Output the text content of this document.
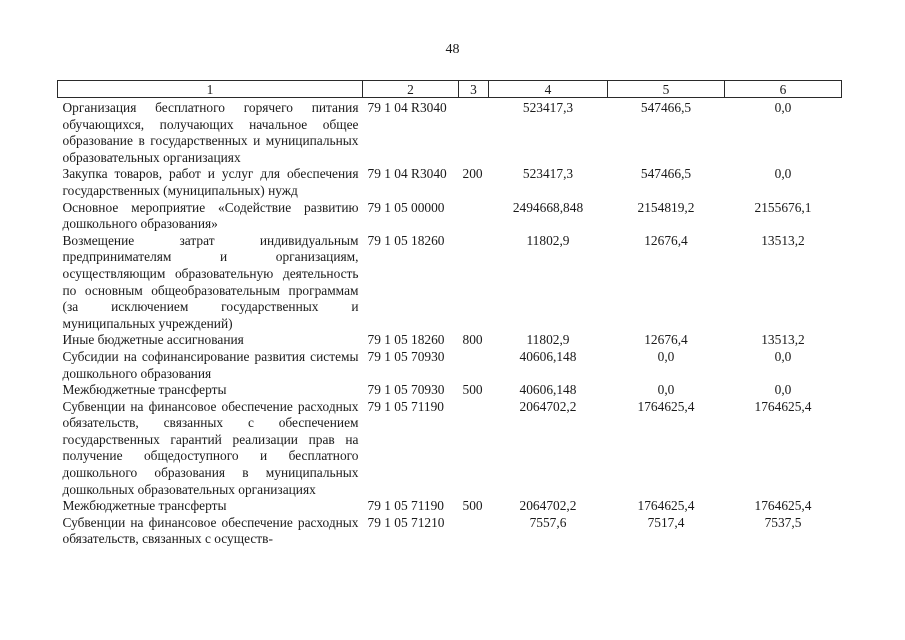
48
1	2	3	4	5	6

Организация бесплатного горячего питания обучающихся, получающих начальное общее образование в государственных и муниципальных образовательных организациях	79 1 04 R3040		523417,3	547466,5	0,0
Закупка товаров, работ и услуг для обеспечения государственных (муниципальных) нужд	79 1 04 R3040	200	523417,3	547466,5	0,0
Основное мероприятие «Содействие развитию дошкольного образования»	79 1 05 00000		2494668,848	2154819,2	2155676,1
Возмещение затрат индивидуальным предпринимателям и организациям, осуществляющим образовательную деятельность по основным общеобразовательным программам (за исключением государственных и муниципальных учреждений)	79 1 05 18260		11802,9	12676,4	13513,2
Иные бюджетные ассигнования	79 1 05 18260	800	11802,9	12676,4	13513,2
Субсидии на софинансирование развития системы дошкольного образования	79 1 05 70930		40606,148	0,0	0,0
Межбюджетные трансферты	79 1 05 70930	500	40606,148	0,0	0,0
Субвенции на финансовое обеспечение расходных обязательств, связанных с обеспечением государственных гарантий реализации прав на получение общедоступного и бесплатного дошкольного образования в муниципальных дошкольных образовательных организациях	79 1 05 71190		2064702,2	1764625,4	1764625,4
Межбюджетные трансферты	79 1 05 71190	500	2064702,2	1764625,4	1764625,4
Субвенции на финансовое обеспечение расходных обязательств, связанных с осуществ-	79 1 05 71210		7557,6	7517,4	7537,5
